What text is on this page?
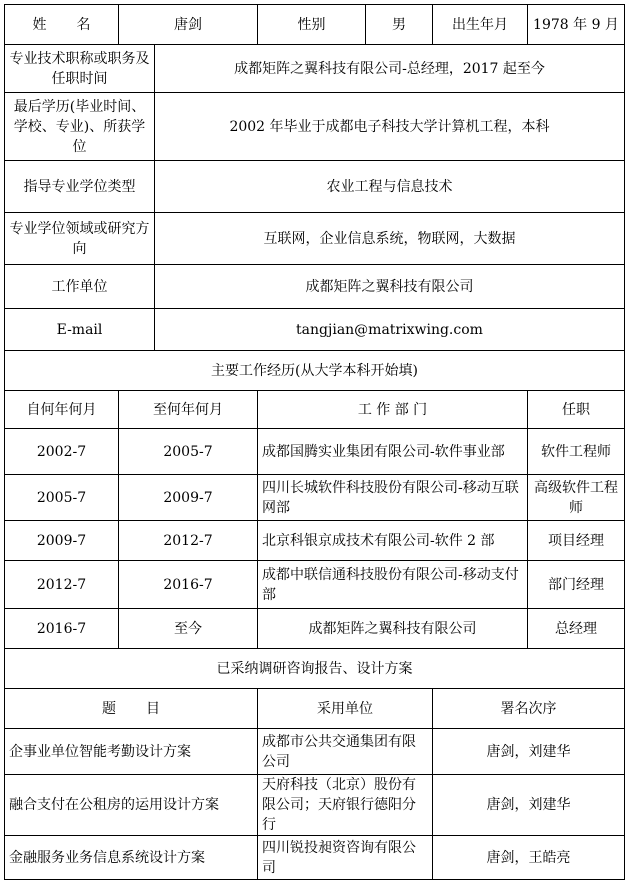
姓 名	唐剑		性别	男	出生年月	1978 年 9 月
专业技术职称或职务及任职时间		成都矩阵之翼科技有限公司-总经理，2017 起至今				
最后学历(毕业时间、学校、专业)、所获学位		2002 年毕业于成都电子科技大学计算机工程，本科				
指导专业学位类型		农业工程与信息技术				
专业学位领域或研究方向		互联网，企业信息系统，物联网，大数据				
工作单位		成都矩阵之翼科技有限公司				
E-mail		tangjian@matrixwing.com				
主要工作经历(从大学本科开始填)						
自何年何月	至何年何月		工 作 部 门			任职
2002-7	2005-7		成都国腾实业集团有限公司-软件事业部			软件工程师
2005-7	2009-7		四川长城软件科技股份有限公司-移动互联网部			高级软件工程师
2009-7	2012-7		北京科银京成技术有限公司-软件 2 部			项目经理
2012-7	2016-7		成都中联信通科技股份有限公司-移动支付部			部门经理
2016-7	至今		成都矩阵之翼科技有限公司			总经理
已采纳调研咨询报告、设计方案						
题 目			采用单位		署名次序	
企事业单位智能考勤设计方案			成都市公共交通集团有限公司		唐剑，刘建华	
融合支付在公租房的运用设计方案			天府科技（北京）股份有限公司；天府银行德阳分行		唐剑，刘建华	
金融服务业务信息系统设计方案			四川锐投昶资咨询有限公司		唐剑，王皓亮	
